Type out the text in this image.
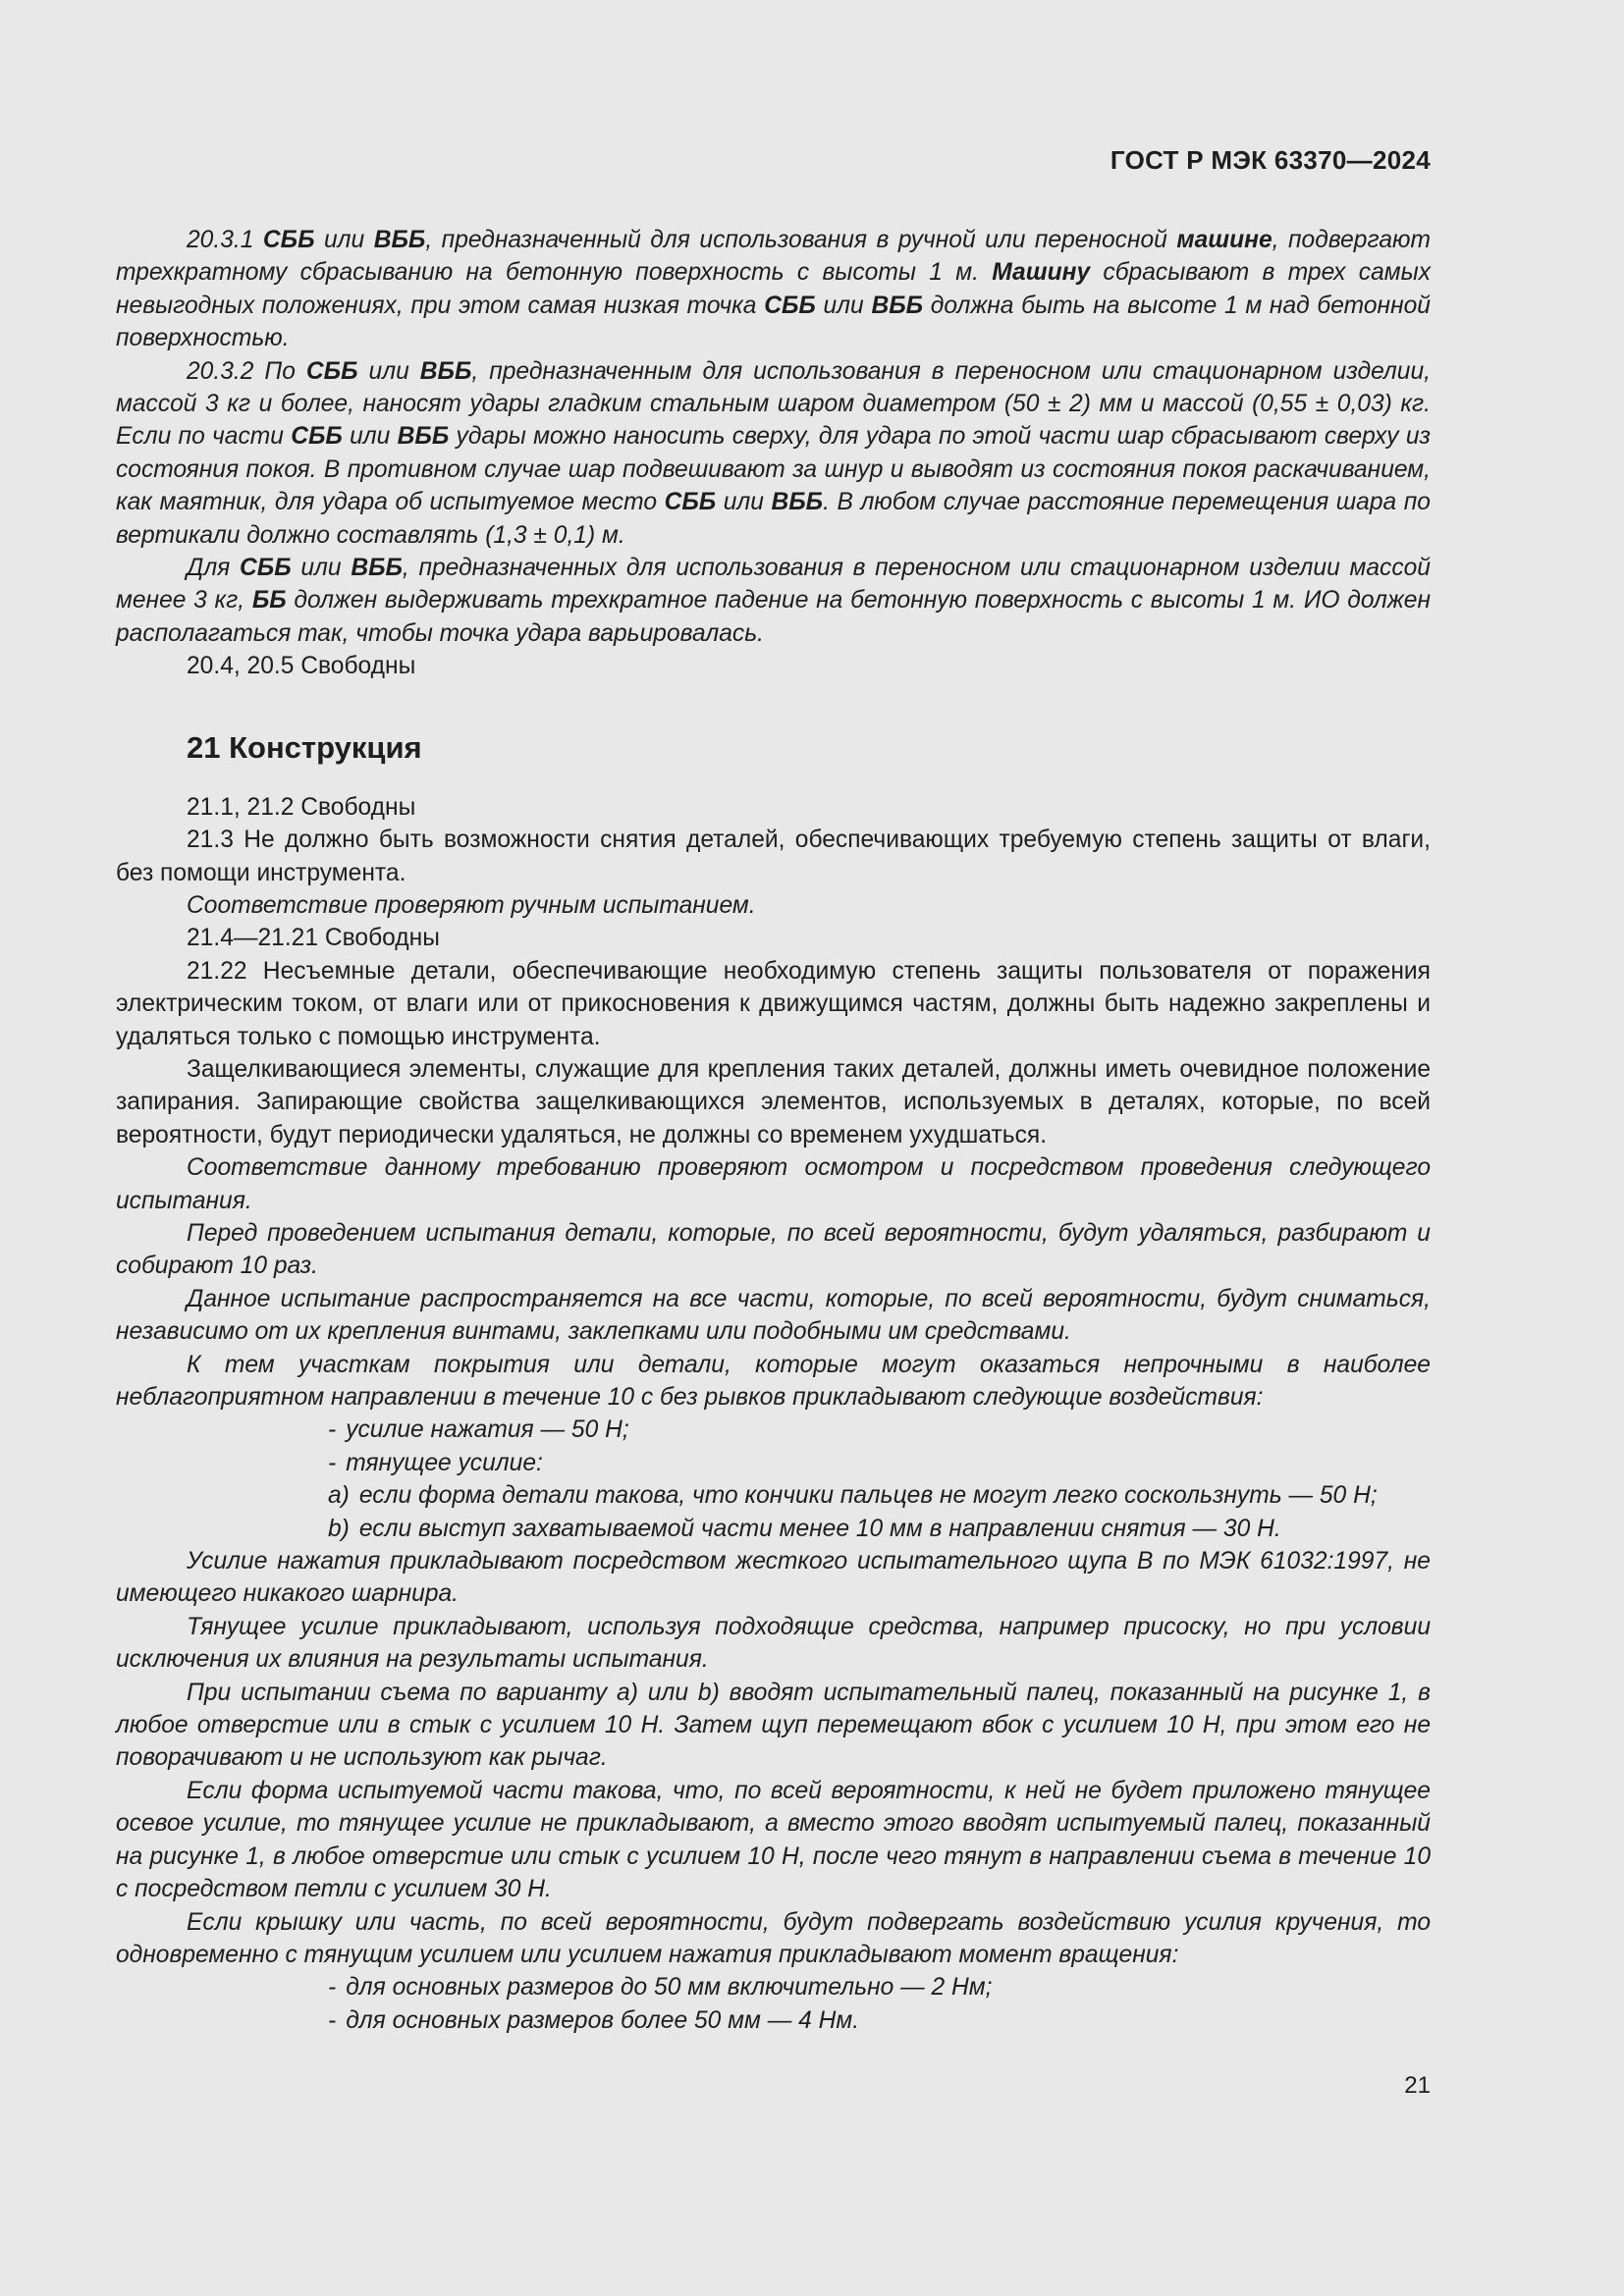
ГОСТ Р МЭК 63370—2024

20.3.1 СББ или ВББ, предназначенный для использования в ручной или переносной машине, подвергают трехкратному сбрасыванию на бетонную поверхность с высоты 1 м. Машину сбрасывают в трех самых невыгодных положениях, при этом самая низкая точка СББ или ВББ должна быть на высоте 1 м над бетонной поверхностью.

20.3.2 По СББ или ВББ, предназначенным для использования в переносном или стационарном изделии, массой 3 кг и более, наносят удары гладким стальным шаром диаметром (50 ± 2) мм и массой (0,55 ± 0,03) кг. Если по части СББ или ВББ удары можно наносить сверху, для удара по этой части шар сбрасывают сверху из состояния покоя. В противном случае шар подвешивают за шнур и выводят из состояния покоя раскачиванием, как маятник, для удара об испытуемое место СББ или ВББ. В любом случае расстояние перемещения шара по вертикали должно составлять (1,3 ± 0,1) м.

Для СББ или ВББ, предназначенных для использования в переносном или стационарном изделии массой менее 3 кг, ББ должен выдерживать трехкратное падение на бетонную поверхность с высоты 1 м. ИО должен располагаться так, чтобы точка удара варьировалась.

20.4, 20.5 Свободны

21 Конструкция

21.1, 21.2 Свободны

21.3 Не должно быть возможности снятия деталей, обеспечивающих требуемую степень защиты от влаги, без помощи инструмента.

Соответствие проверяют ручным испытанием.

21.4—21.21 Свободны

21.22 Несъемные детали, обеспечивающие необходимую степень защиты пользователя от поражения электрическим током, от влаги или от прикосновения к движущимся частям, должны быть надежно закреплены и удаляться только с помощью инструмента.

Защелкивающиеся элементы, служащие для крепления таких деталей, должны иметь очевидное положение запирания. Запирающие свойства защелкивающихся элементов, используемых в деталях, которые, по всей вероятности, будут периодически удаляться, не должны со временем ухудшаться.

Соответствие данному требованию проверяют осмотром и посредством проведения следующего испытания.

Перед проведением испытания детали, которые, по всей вероятности, будут удаляться, разбирают и собирают 10 раз.

Данное испытание распространяется на все части, которые, по всей вероятности, будут сниматься, независимо от их крепления винтами, заклепками или подобными им средствами.

К тем участкам покрытия или детали, которые могут оказаться непрочными в наиболее неблагоприятном направлении в течение 10 с без рывков прикладывают следующие воздействия:

- усилие нажатия — 50 Н;

- тянущее усилие:

a) если форма детали такова, что кончики пальцев не могут легко соскользнуть — 50 Н;

b) если выступ захватываемой части менее 10 мм в направлении снятия — 30 Н.

Усилие нажатия прикладывают посредством жесткого испытательного щупа В по МЭК 61032:1997, не имеющего никакого шарнира.

Тянущее усилие прикладывают, используя подходящие средства, например присоску, но при условии исключения их влияния на результаты испытания.

При испытании съема по варианту а) или b) вводят испытательный палец, показанный на рисунке 1, в любое отверстие или в стык с усилием 10 Н. Затем щуп перемещают вбок с усилием 10 Н, при этом его не поворачивают и не используют как рычаг.

Если форма испытуемой части такова, что, по всей вероятности, к ней не будет приложено тянущее осевое усилие, то тянущее усилие не прикладывают, а вместо этого вводят испытуемый палец, показанный на рисунке 1, в любое отверстие или стык с усилием 10 Н, после чего тянут в направлении съема в течение 10 с посредством петли с усилием 30 Н.

Если крышку или часть, по всей вероятности, будут подвергать воздействию усилия кручения, то одновременно с тянущим усилием или усилием нажатия прикладывают момент вращения:

- для основных размеров до 50 мм включительно — 2 Нм;

- для основных размеров более 50 мм — 4 Нм.

21
